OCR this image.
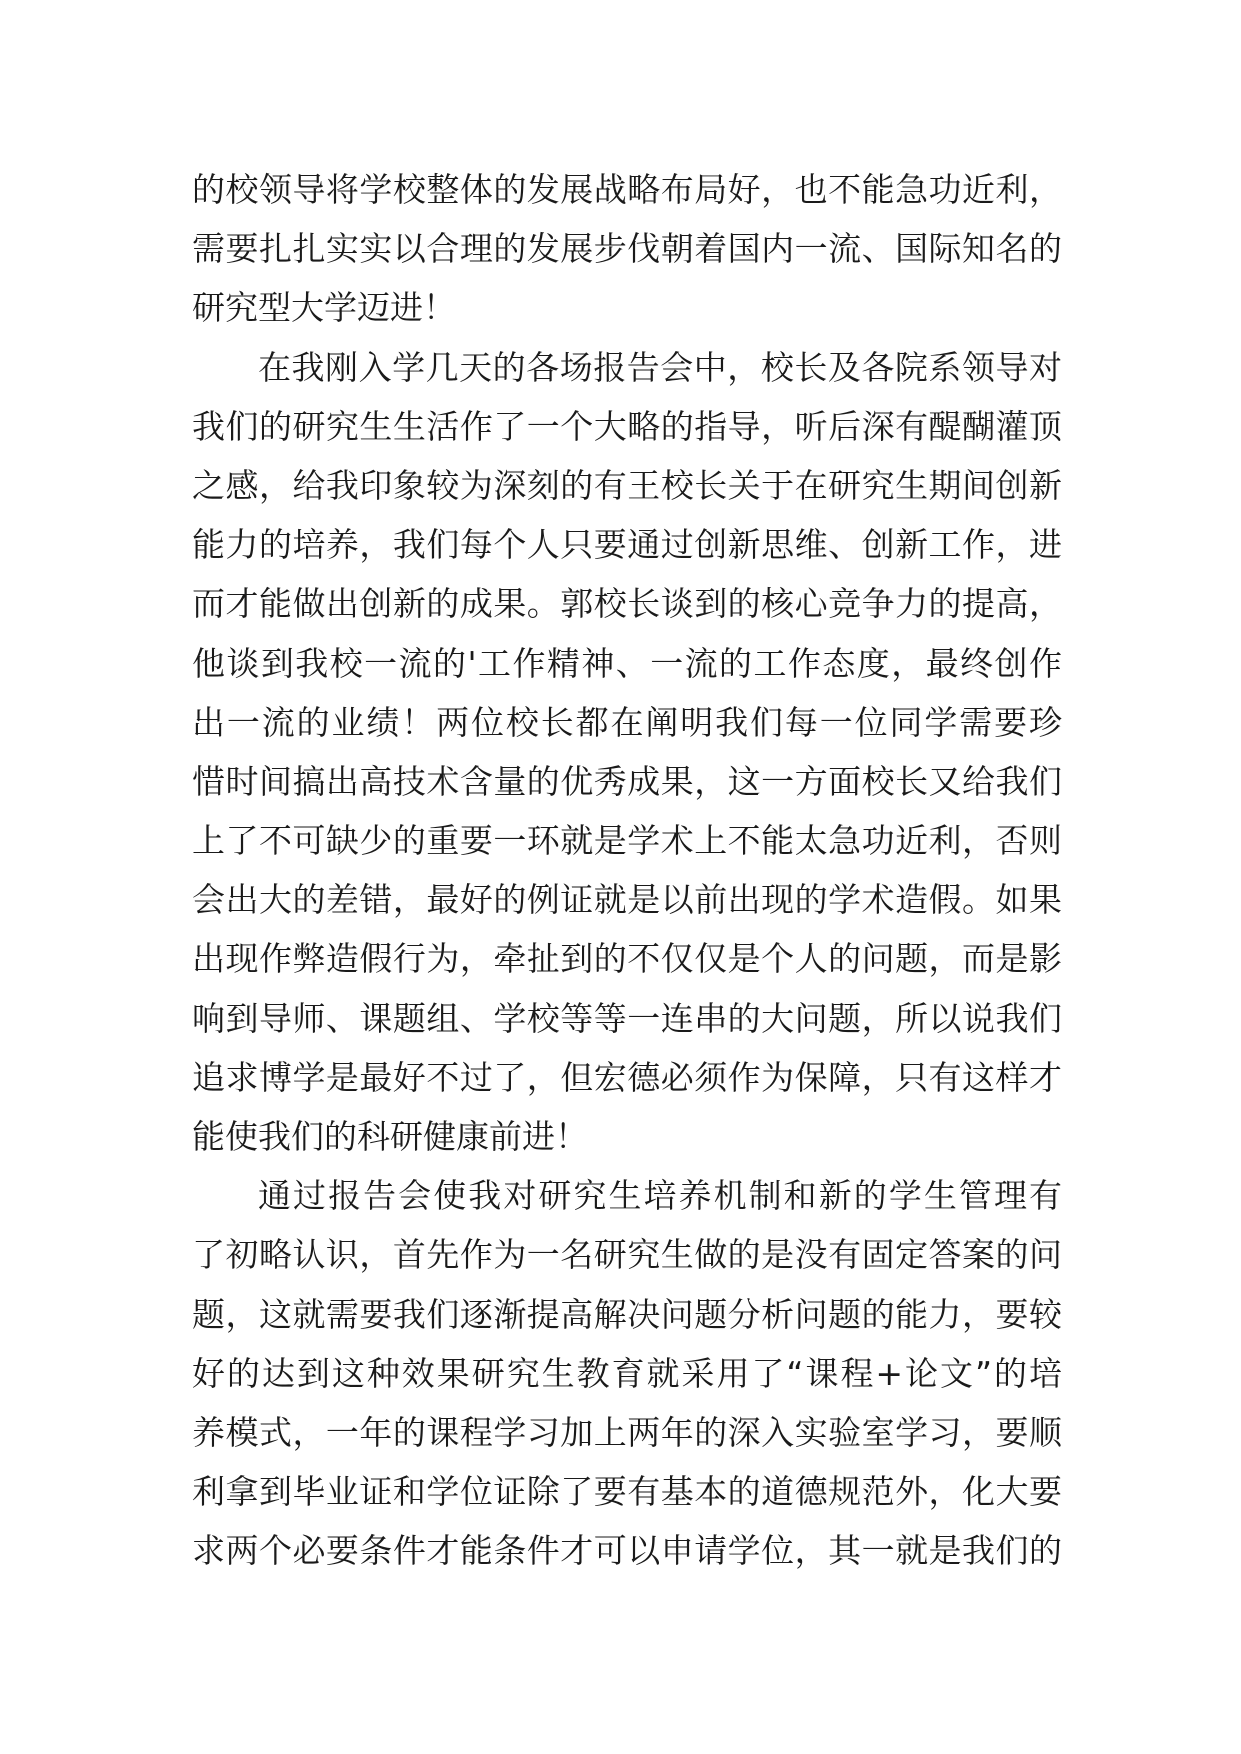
的校领导将学校整体的发展战略布局好，也不能急功近利，
需要扎扎实实以合理的发展步伐朝着国内一流、国际知名的
研究型大学迈进！
在我刚入学几天的各场报告会中，校长及各院系领导对
我们的研究生生活作了一个大略的指导，听后深有醍醐灌顶
之感，给我印象较为深刻的有王校长关于在研究生期间创新
能力的培养，我们每个人只要通过创新思维、创新工作，进
而才能做出创新的成果。郭校长谈到的核心竞争力的提高，
他谈到我校一流的'工作精神、一流的工作态度，最终创作
出一流的业绩！两位校长都在阐明我们每一位同学需要珍
惜时间搞出高技术含量的优秀成果，这一方面校长又给我们
上了不可缺少的重要一环就是学术上不能太急功近利，否则
会出大的差错，最好的例证就是以前出现的学术造假。如果
出现作弊造假行为，牵扯到的不仅仅是个人的问题，而是影
响到导师、课题组、学校等等一连串的大问题，所以说我们
追求博学是最好不过了，但宏德必须作为保障，只有这样才
能使我们的科研健康前进！
通过报告会使我对研究生培养机制和新的学生管理有
了初略认识，首先作为一名研究生做的是没有固定答案的问
题，这就需要我们逐渐提高解决问题分析问题的能力，要较
好的达到这种效果研究生教育就采用了“课程+论文”的培
养模式，一年的课程学习加上两年的深入实验室学习，要顺
利拿到毕业证和学位证除了要有基本的道德规范外，化大要
求两个必要条件才能条件才可以申请学位，其一就是我们的
